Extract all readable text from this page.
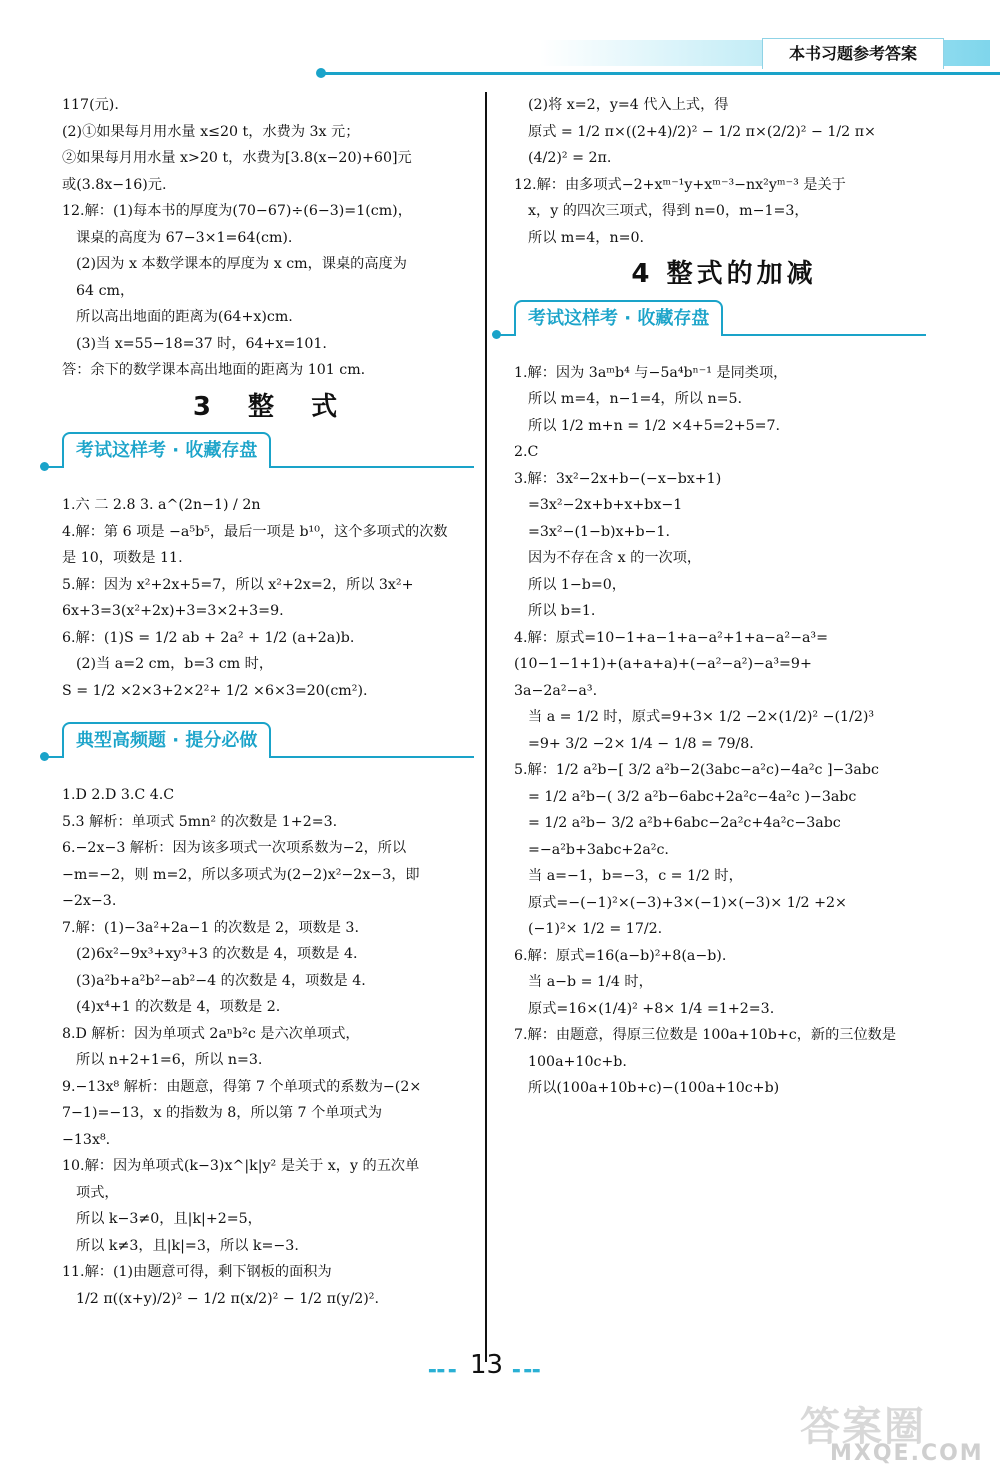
本书习题参考答案
117(元).
(2)①如果每月用水量 x≤20 t，水费为 3x 元；
②如果每月用水量 x>20 t，水费为[3.8(x−20)+60]元
或(3.8x−16)元.
12.解：(1)每本书的厚度为(70−67)÷(6−3)=1(cm)，
课桌的高度为 67−3×1=64(cm).
(2)因为 x 本数学课本的厚度为 x cm，课桌的高度为
64 cm，
所以高出地面的距离为(64+x)cm.
(3)当 x=55−18=37 时，64+x=101.
答：余下的数学课本高出地面的距离为 101 cm.
3 整 式
考试这样考 · 收藏存盘
1.六 二 2.8 3. a^(2n−1) / 2n
4.解：第 6 项是 −a⁵b⁵，最后一项是 b¹⁰，这个多项式的次数
是 10，项数是 11.
5.解：因为 x²+2x+5=7，所以 x²+2x=2，所以 3x²+
6x+3=3(x²+2x)+3=3×2+3=9.
6.解：(1)S = 1/2 ab + 2a² + 1/2 (a+2a)b.
(2)当 a=2 cm，b=3 cm 时，
S = 1/2 ×2×3+2×2²+ 1/2 ×6×3=20(cm²).
典型高频题 · 提分必做
1.D 2.D 3.C 4.C
5.3 解析：单项式 5mn² 的次数是 1+2=3.
6.−2x−3 解析：因为该多项式一次项系数为−2，所以
−m=−2，则 m=2，所以多项式为(2−2)x²−2x−3，即
−2x−3.
7.解：(1)−3a²+2a−1 的次数是 2，项数是 3.
(2)6x²−9x³+xy³+3 的次数是 4，项数是 4.
(3)a²b+a²b²−ab²−4 的次数是 4，项数是 4.
(4)x⁴+1 的次数是 4，项数是 2.
8.D 解析：因为单项式 2aⁿb²c 是六次单项式，
所以 n+2+1=6，所以 n=3.
9.−13x⁸ 解析：由题意，得第 7 个单项式的系数为−(2×
7−1)=−13，x 的指数为 8，所以第 7 个单项式为
−13x⁸.
10.解：因为单项式(k−3)x^|k|y² 是关于 x，y 的五次单
项式，
所以 k−3≠0，且|k|+2=5，
所以 k≠3，且|k|=3，所以 k=−3.
11.解：(1)由题意可得，剩下钢板的面积为
1/2 π((x+y)/2)² − 1/2 π(x/2)² − 1/2 π(y/2)².
(2)将 x=2，y=4 代入上式，得
原式 = 1/2 π×((2+4)/2)² − 1/2 π×(2/2)² − 1/2 π×
(4/2)² = 2π.
12.解：由多项式−2+xᵐ⁻¹y+xᵐ⁻³−nx²yᵐ⁻³ 是关于
x，y 的四次三项式，得到 n=0，m−1=3，
所以 m=4，n=0.
4 整式的加减
考试这样考 · 收藏存盘
1.解：因为 3aᵐb⁴ 与−5a⁴bⁿ⁻¹ 是同类项，
所以 m=4，n−1=4，所以 n=5.
所以 1/2 m+n = 1/2 ×4+5=2+5=7.
2.C
3.解：3x²−2x+b−(−x−bx+1)
=3x²−2x+b+x+bx−1
=3x²−(1−b)x+b−1.
因为不存在含 x 的一次项，
所以 1−b=0，
所以 b=1.
4.解：原式=10−1+a−1+a−a²+1+a−a²−a³=
(10−1−1+1)+(a+a+a)+(−a²−a²)−a³=9+
3a−2a²−a³.
当 a = 1/2 时，原式=9+3× 1/2 −2×(1/2)² −(1/2)³
=9+ 3/2 −2× 1/4 − 1/8 = 79/8.
5.解：1/2 a²b−[ 3/2 a²b−2(3abc−a²c)−4a²c ]−3abc
= 1/2 a²b−( 3/2 a²b−6abc+2a²c−4a²c )−3abc
= 1/2 a²b− 3/2 a²b+6abc−2a²c+4a²c−3abc
=−a²b+3abc+2a²c.
当 a=−1，b=−3，c = 1/2 时，
原式=−(−1)²×(−3)+3×(−1)×(−3)× 1/2 +2×
(−1)²× 1/2 = 17/2.
6.解：原式=16(a−b)²+8(a−b).
当 a−b = 1/4 时，
原式=16×(1/4)² +8× 1/4 =1+2=3.
7.解：由题意，得原三位数是 100a+10b+c，新的三位数是
100a+10c+b.
所以(100a+10b+c)−(100a+10c+b)
▬▬ ▬ 13 ▬ ▬▬
答案圈
MXQE.COM
